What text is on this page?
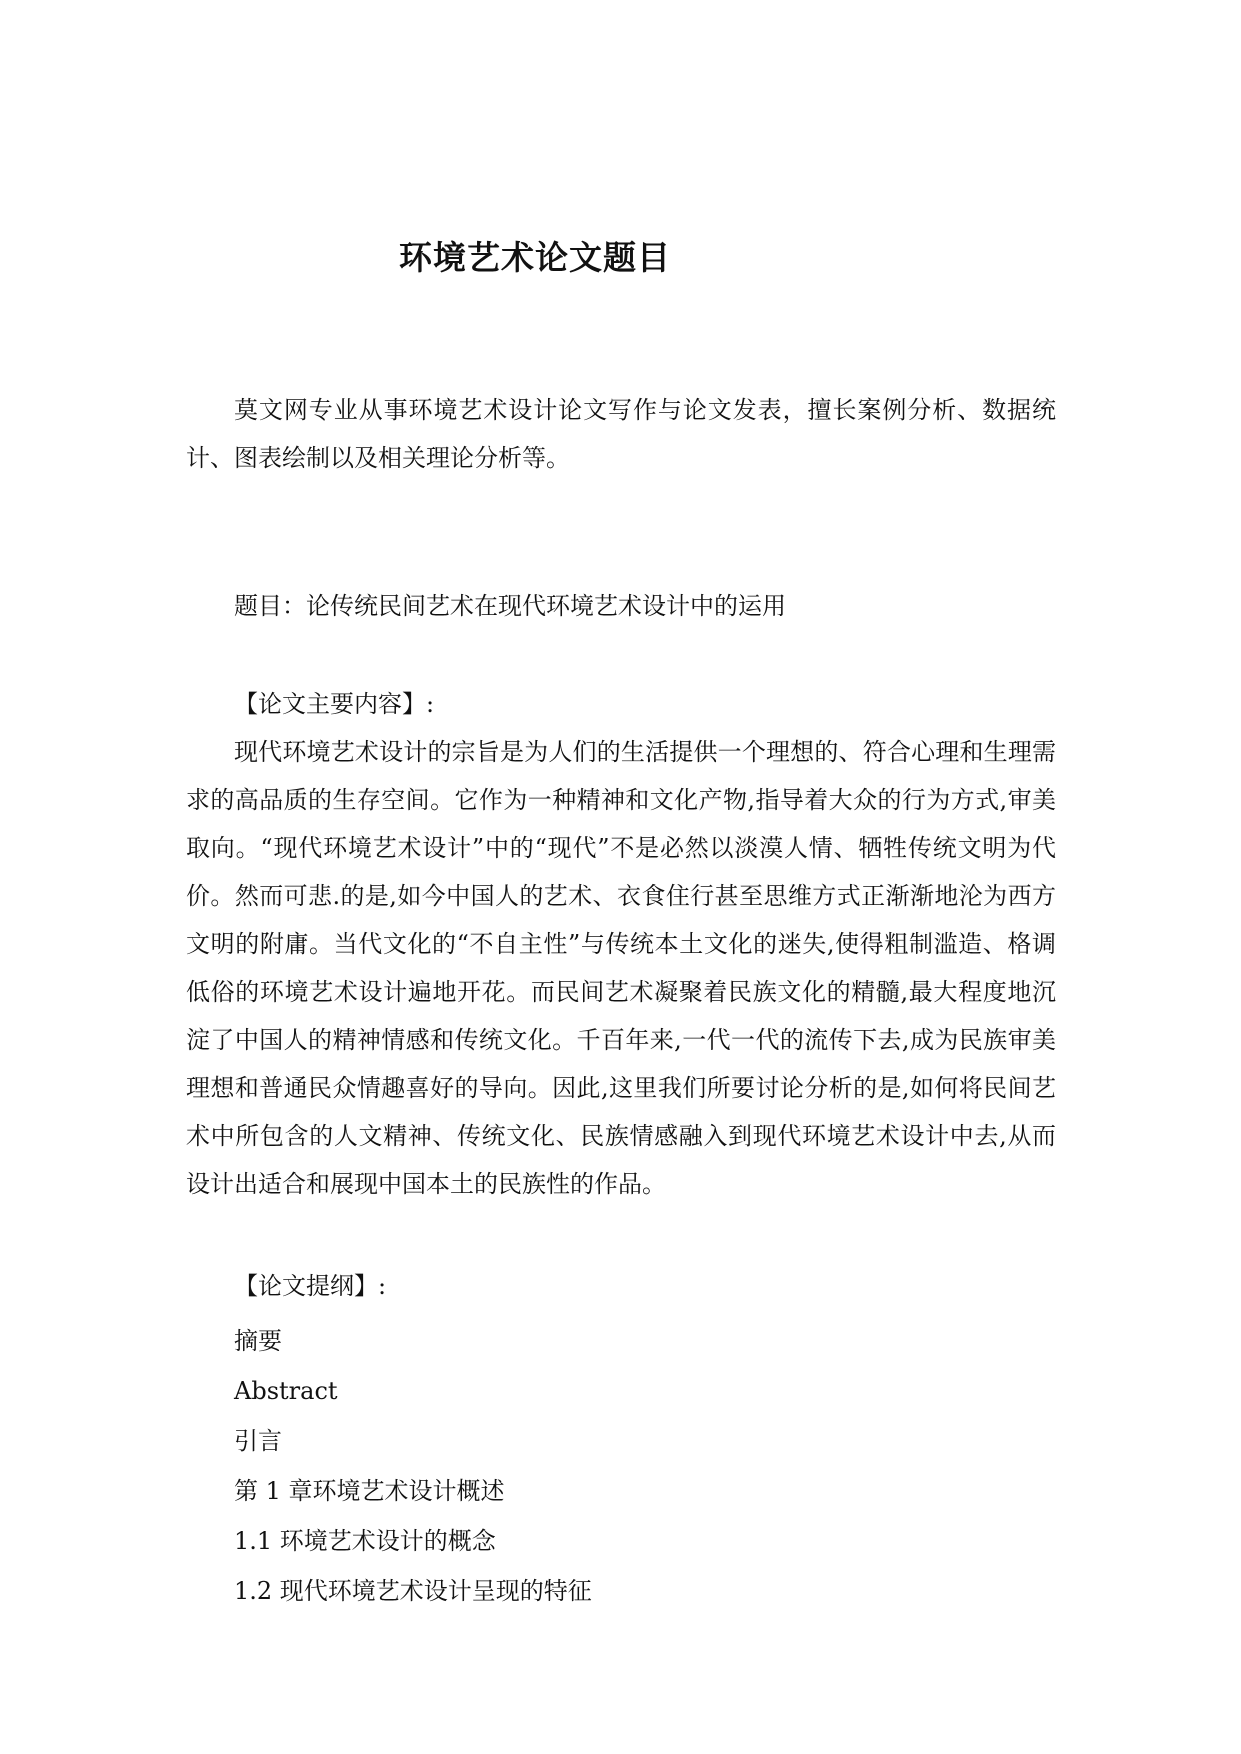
环境艺术论文题目

莫文网专业从事环境艺术设计论文写作与论文发表，擅长案例分析、数据统计、图表绘制以及相关理论分析等。

题目：论传统民间艺术在现代环境艺术设计中的运用

【论文主要内容】:

现代环境艺术设计的宗旨是为人们的生活提供一个理想的、符合心理和生理需求的高品质的生存空间。它作为一种精神和文化产物,指导着大众的行为方式,审美取向。“现代环境艺术设计”中的“现代”不是必然以淡漠人情、牺牲传统文明为代价。然而可悲.的是,如今中国人的艺术、衣食住行甚至思维方式正渐渐地沦为西方文明的附庸。当代文化的“不自主性”与传统本土文化的迷失,使得粗制滥造、格调低俗的环境艺术设计遍地开花。而民间艺术凝聚着民族文化的精髓,最大程度地沉淀了中国人的精神情感和传统文化。千百年来,一代一代的流传下去,成为民族审美理想和普通民众情趣喜好的导向。因此,这里我们所要讨论分析的是,如何将民间艺术中所包含的人文精神、传统文化、民族情感融入到现代环境艺术设计中去,从而设计出适合和展现中国本土的民族性的作品。

【论文提纲】:

摘要
Abstract
引言
第 1 章环境艺术设计概述
1.1 环境艺术设计的概念
1.2 现代环境艺术设计呈现的特征
